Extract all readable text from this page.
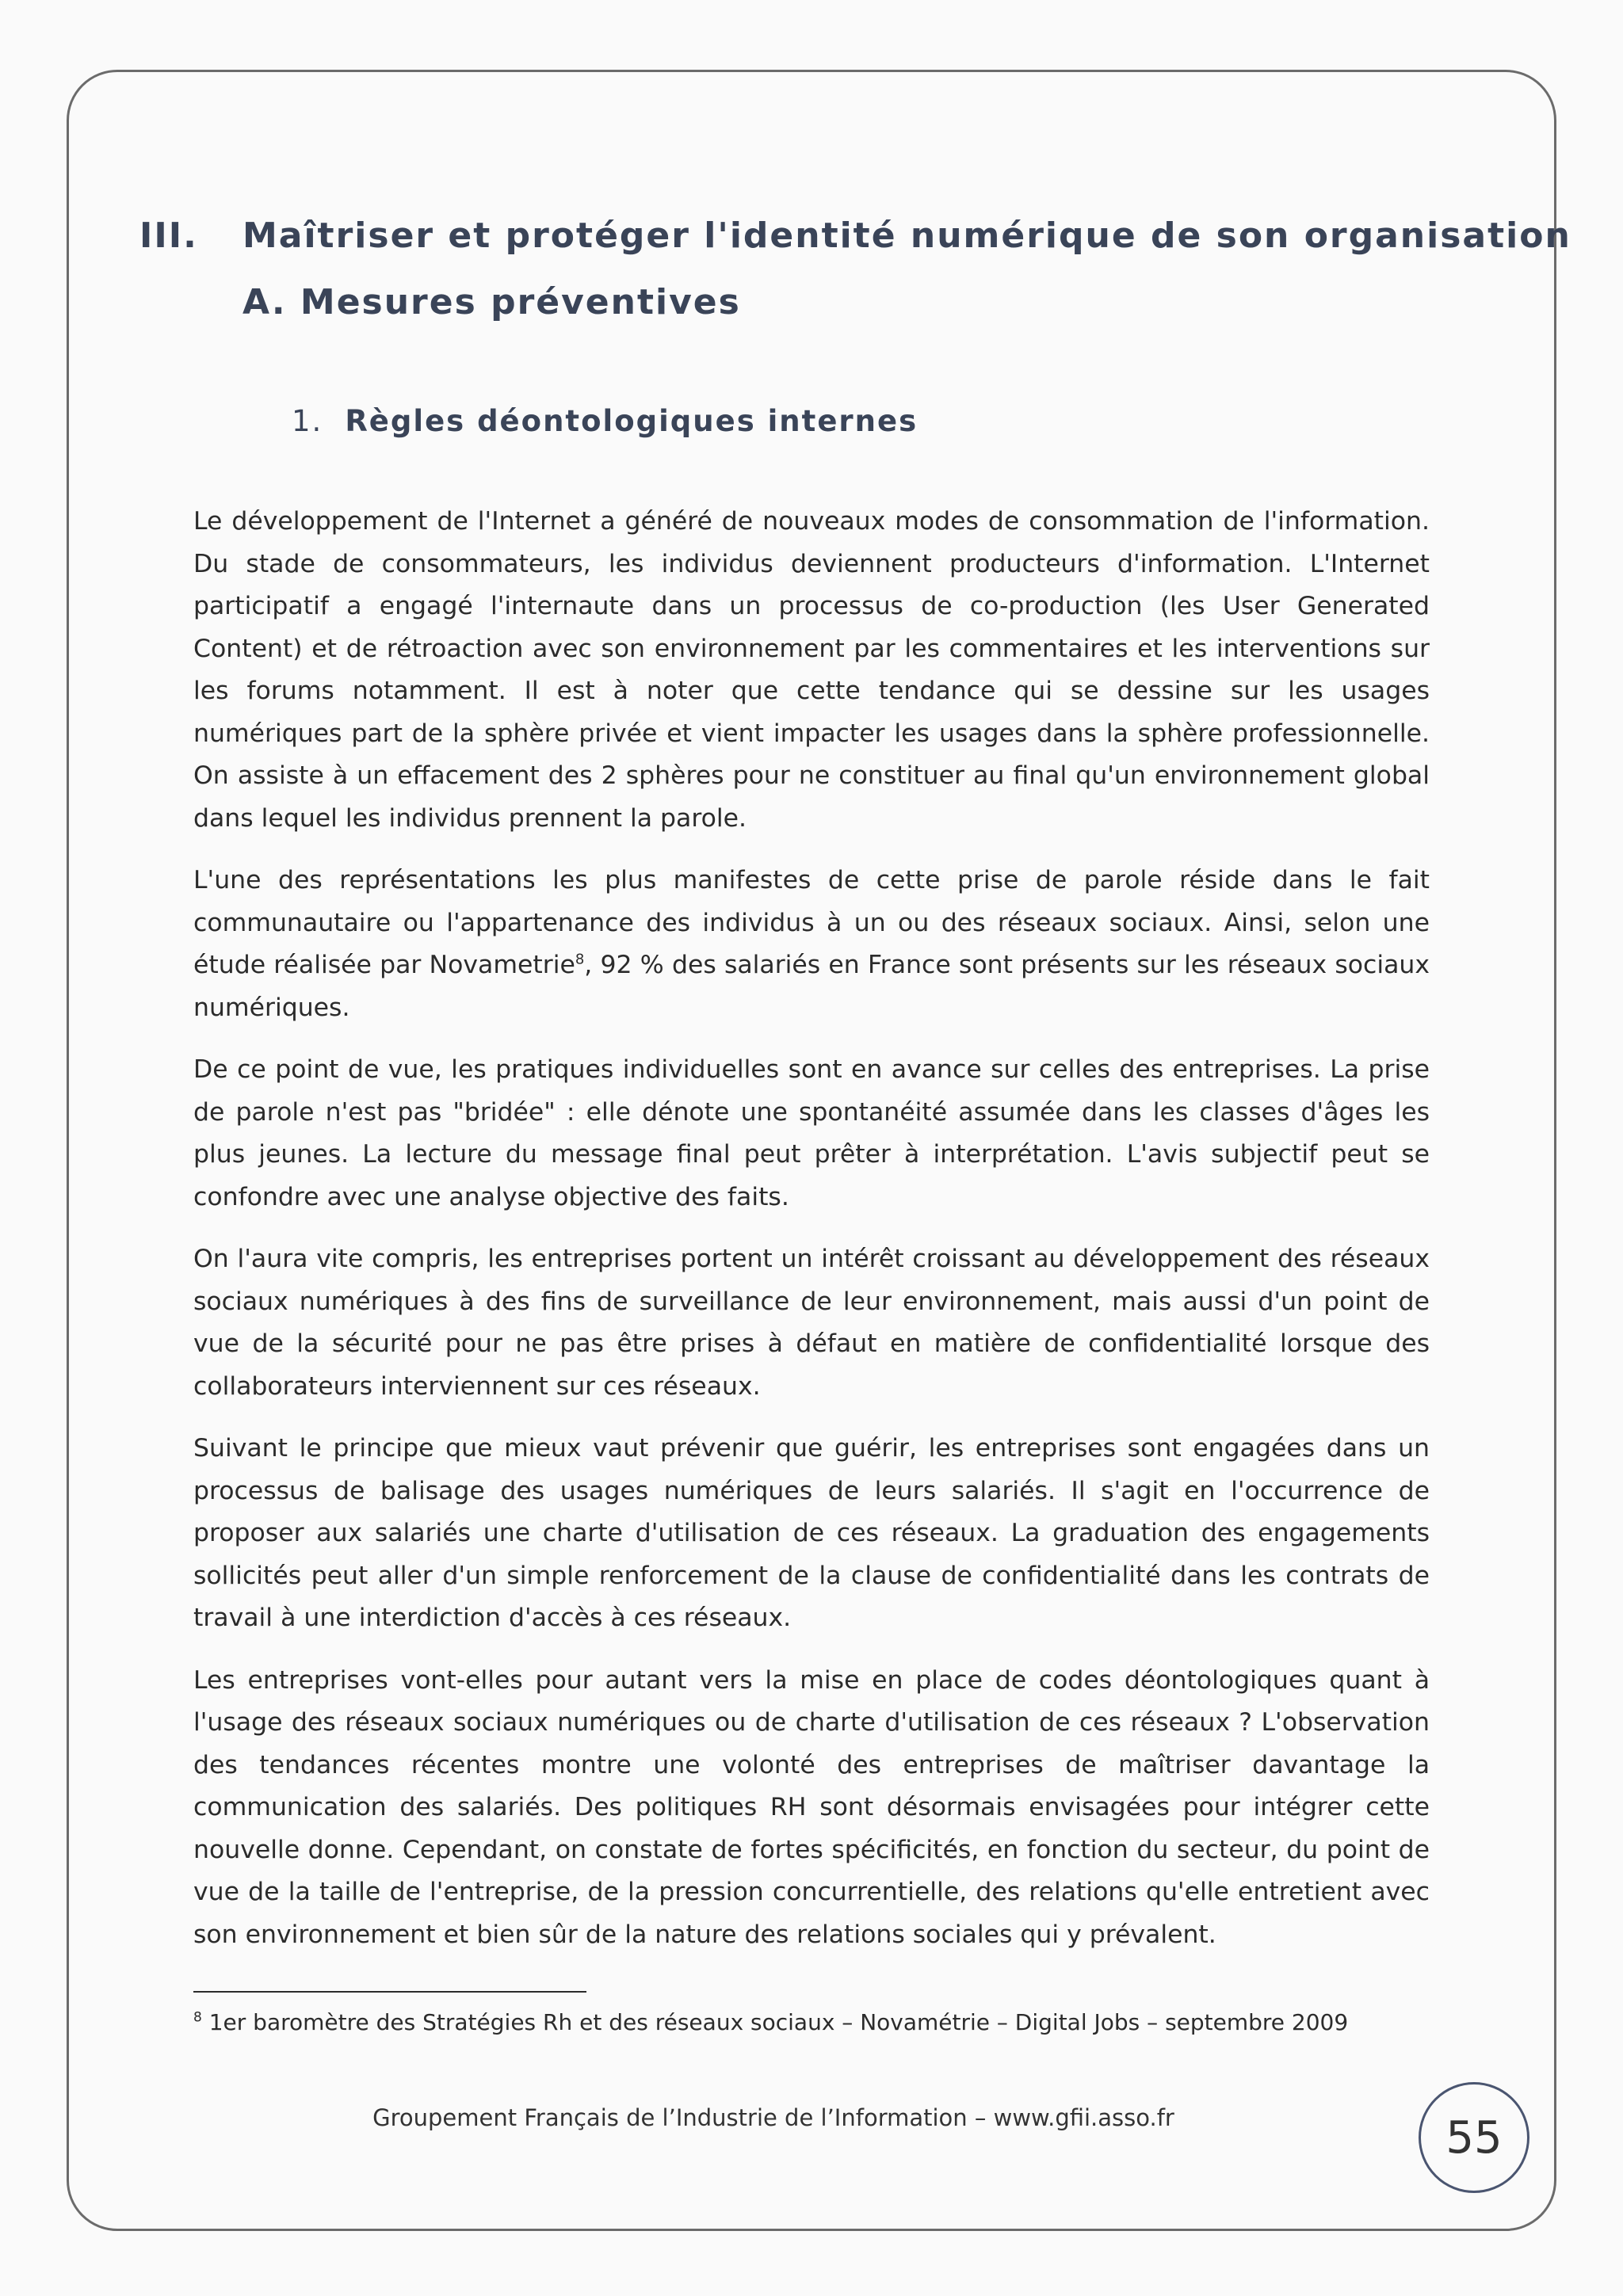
III. Maîtriser et protéger l'identité numérique de son organisation
A. Mesures préventives
1. Règles déontologiques internes

Le développement de l'Internet a généré de nouveaux modes de consommation de l'information. Du stade de consommateurs, les individus deviennent producteurs d'information. L'Internet participatif a engagé l'internaute dans un processus de co-production (les User Generated Content) et de rétroaction avec son environnement par les commentaires et les interventions sur les forums notamment. Il est à noter que cette tendance qui se dessine sur les usages numériques part de la sphère privée et vient impacter les usages dans la sphère professionnelle. On assiste à un effacement des 2 sphères pour ne constituer au final qu'un environnement global dans lequel les individus prennent la parole.

L'une des représentations les plus manifestes de cette prise de parole réside dans le fait communautaire ou l'appartenance des individus à un ou des réseaux sociaux. Ainsi, selon une étude réalisée par Novametrie$^8$, 92 % des salariés en France sont présents sur les réseaux sociaux numériques.

De ce point de vue, les pratiques individuelles sont en avance sur celles des entreprises. La prise de parole n'est pas "bridée" : elle dénote une spontanéité assumée dans les classes d'âges les plus jeunes. La lecture du message final peut prêter à interprétation. L'avis subjectif peut se confondre avec une analyse objective des faits.

On l'aura vite compris, les entreprises portent un intérêt croissant au développement des réseaux sociaux numériques à des fins de surveillance de leur environnement, mais aussi d'un point de vue de la sécurité pour ne pas être prises à défaut en matière de confidentialité lorsque des collaborateurs interviennent sur ces réseaux.

Suivant le principe que mieux vaut prévenir que guérir, les entreprises sont engagées dans un processus de balisage des usages numériques de leurs salariés. Il s'agit en l'occurrence de proposer aux salariés une charte d'utilisation de ces réseaux. La graduation des engagements sollicités peut aller d'un simple renforcement de la clause de confidentialité dans les contrats de travail à une interdiction d'accès à ces réseaux.

Les entreprises vont-elles pour autant vers la mise en place de codes déontologiques quant à l'usage des réseaux sociaux numériques ou de charte d'utilisation de ces réseaux ? L'observation des tendances récentes montre une volonté des entreprises de maîtriser davantage la communication des salariés. Des politiques RH sont désormais envisagées pour intégrer cette nouvelle donne. Cependant, on constate de fortes spécificités, en fonction du secteur, du point de vue de la taille de l'entreprise, de la pression concurrentielle, des relations qu'elle entretient avec son environnement et bien sûr de la nature des relations sociales qui y prévalent.

$^8$ 1er baromètre des Stratégies Rh et des réseaux sociaux – Novamétrie – Digital Jobs – septembre 2009
Groupement Français de l’Industrie de l’Information – www.gfii.asso.fr	55
